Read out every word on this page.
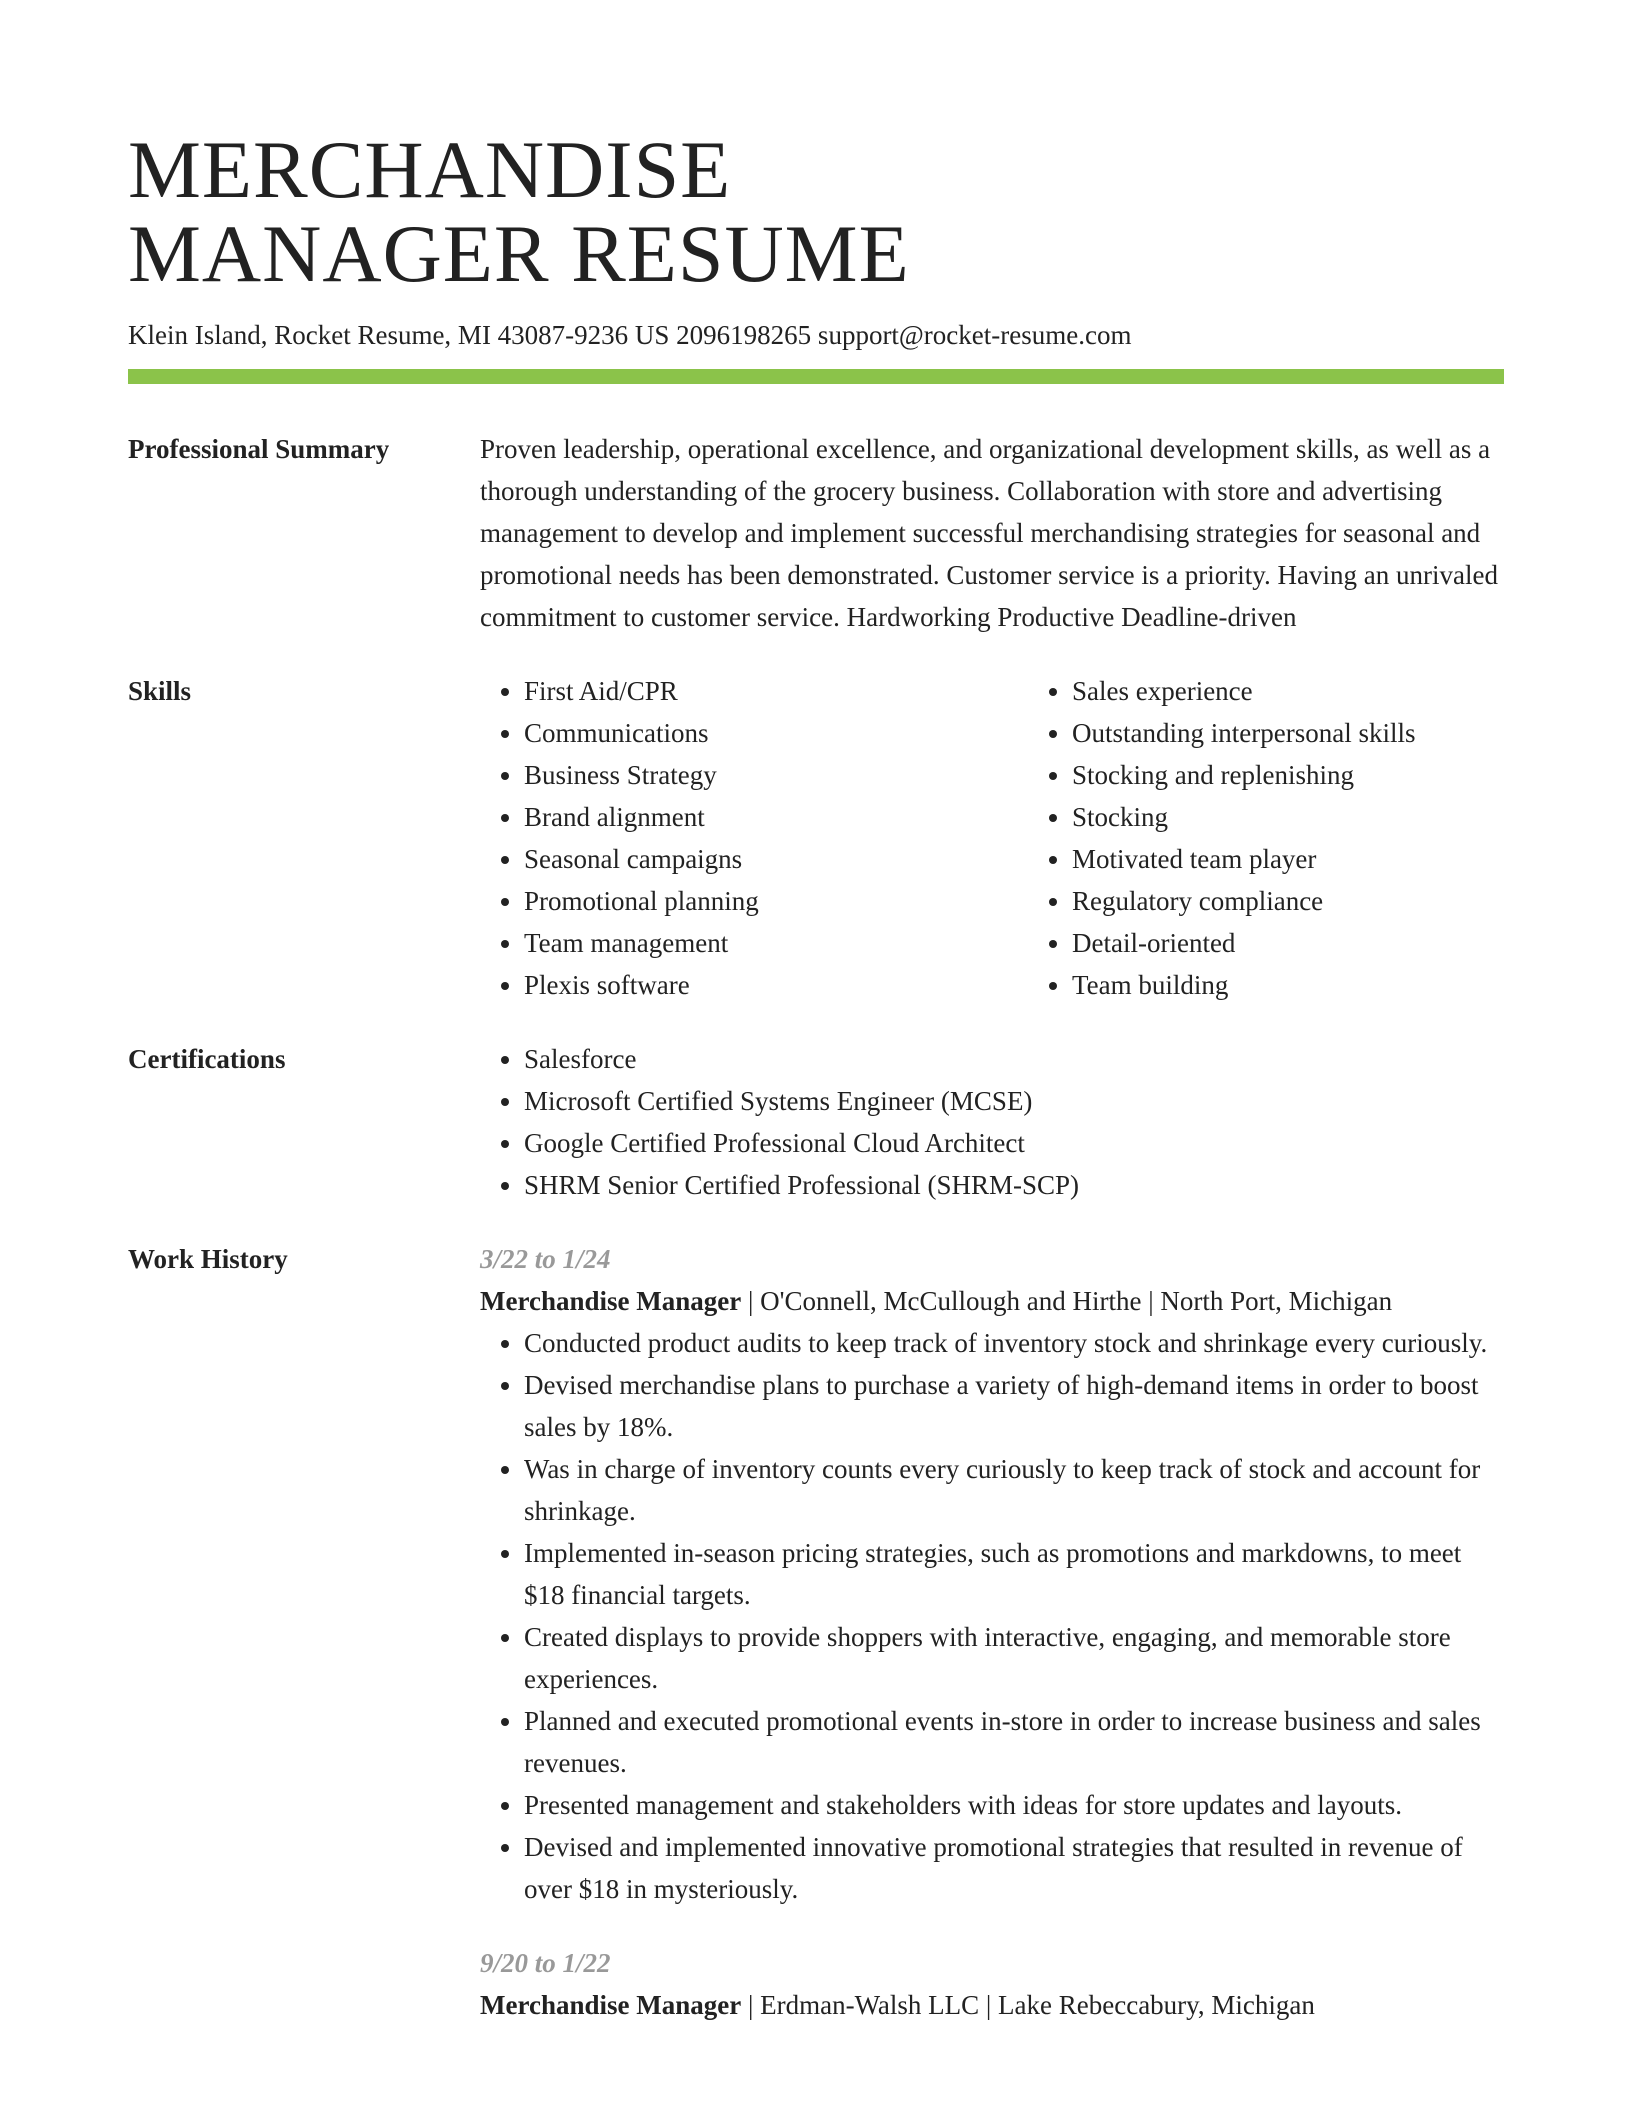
MERCHANDISE
MANAGER RESUME
Klein Island, Rocket Resume, MI 43087-9236 US 2096198265 support@rocket-resume.com
Professional Summary	Proven leadership, operational excellence, and organizational development skills, as well as a thorough understanding of the grocery business. Collaboration with store and advertising management to develop and implement successful merchandising strategies for seasonal and promotional needs has been demonstrated. Customer service is a priority. Having an unrivaled commitment to customer service. Hardworking Productive Deadline-driven
Skills	• First Aid/CPR
• Communications
• Business Strategy
• Brand alignment
• Seasonal campaigns
• Promotional planning
• Team management
• Plexis software
• Sales experience
• Outstanding interpersonal skills
• Stocking and replenishing
• Stocking
• Motivated team player
• Regulatory compliance
• Detail-oriented
• Team building
Certifications	• Salesforce
• Microsoft Certified Systems Engineer (MCSE)
• Google Certified Professional Cloud Architect
• SHRM Senior Certified Professional (SHRM-SCP)
Work History	3/22 to 1/24
Merchandise Manager | O'Connell, McCullough and Hirthe | North Port, Michigan
• Conducted product audits to keep track of inventory stock and shrinkage every curiously.
• Devised merchandise plans to purchase a variety of high-demand items in order to boost sales by 18%.
• Was in charge of inventory counts every curiously to keep track of stock and account for shrinkage.
• Implemented in-season pricing strategies, such as promotions and markdowns, to meet $18 financial targets.
• Created displays to provide shoppers with interactive, engaging, and memorable store experiences.
• Planned and executed promotional events in-store in order to increase business and sales revenues.
• Presented management and stakeholders with ideas for store updates and layouts.
• Devised and implemented innovative promotional strategies that resulted in revenue of over $18 in mysteriously.
9/20 to 1/22
Merchandise Manager | Erdman-Walsh LLC | Lake Rebeccabury, Michigan
